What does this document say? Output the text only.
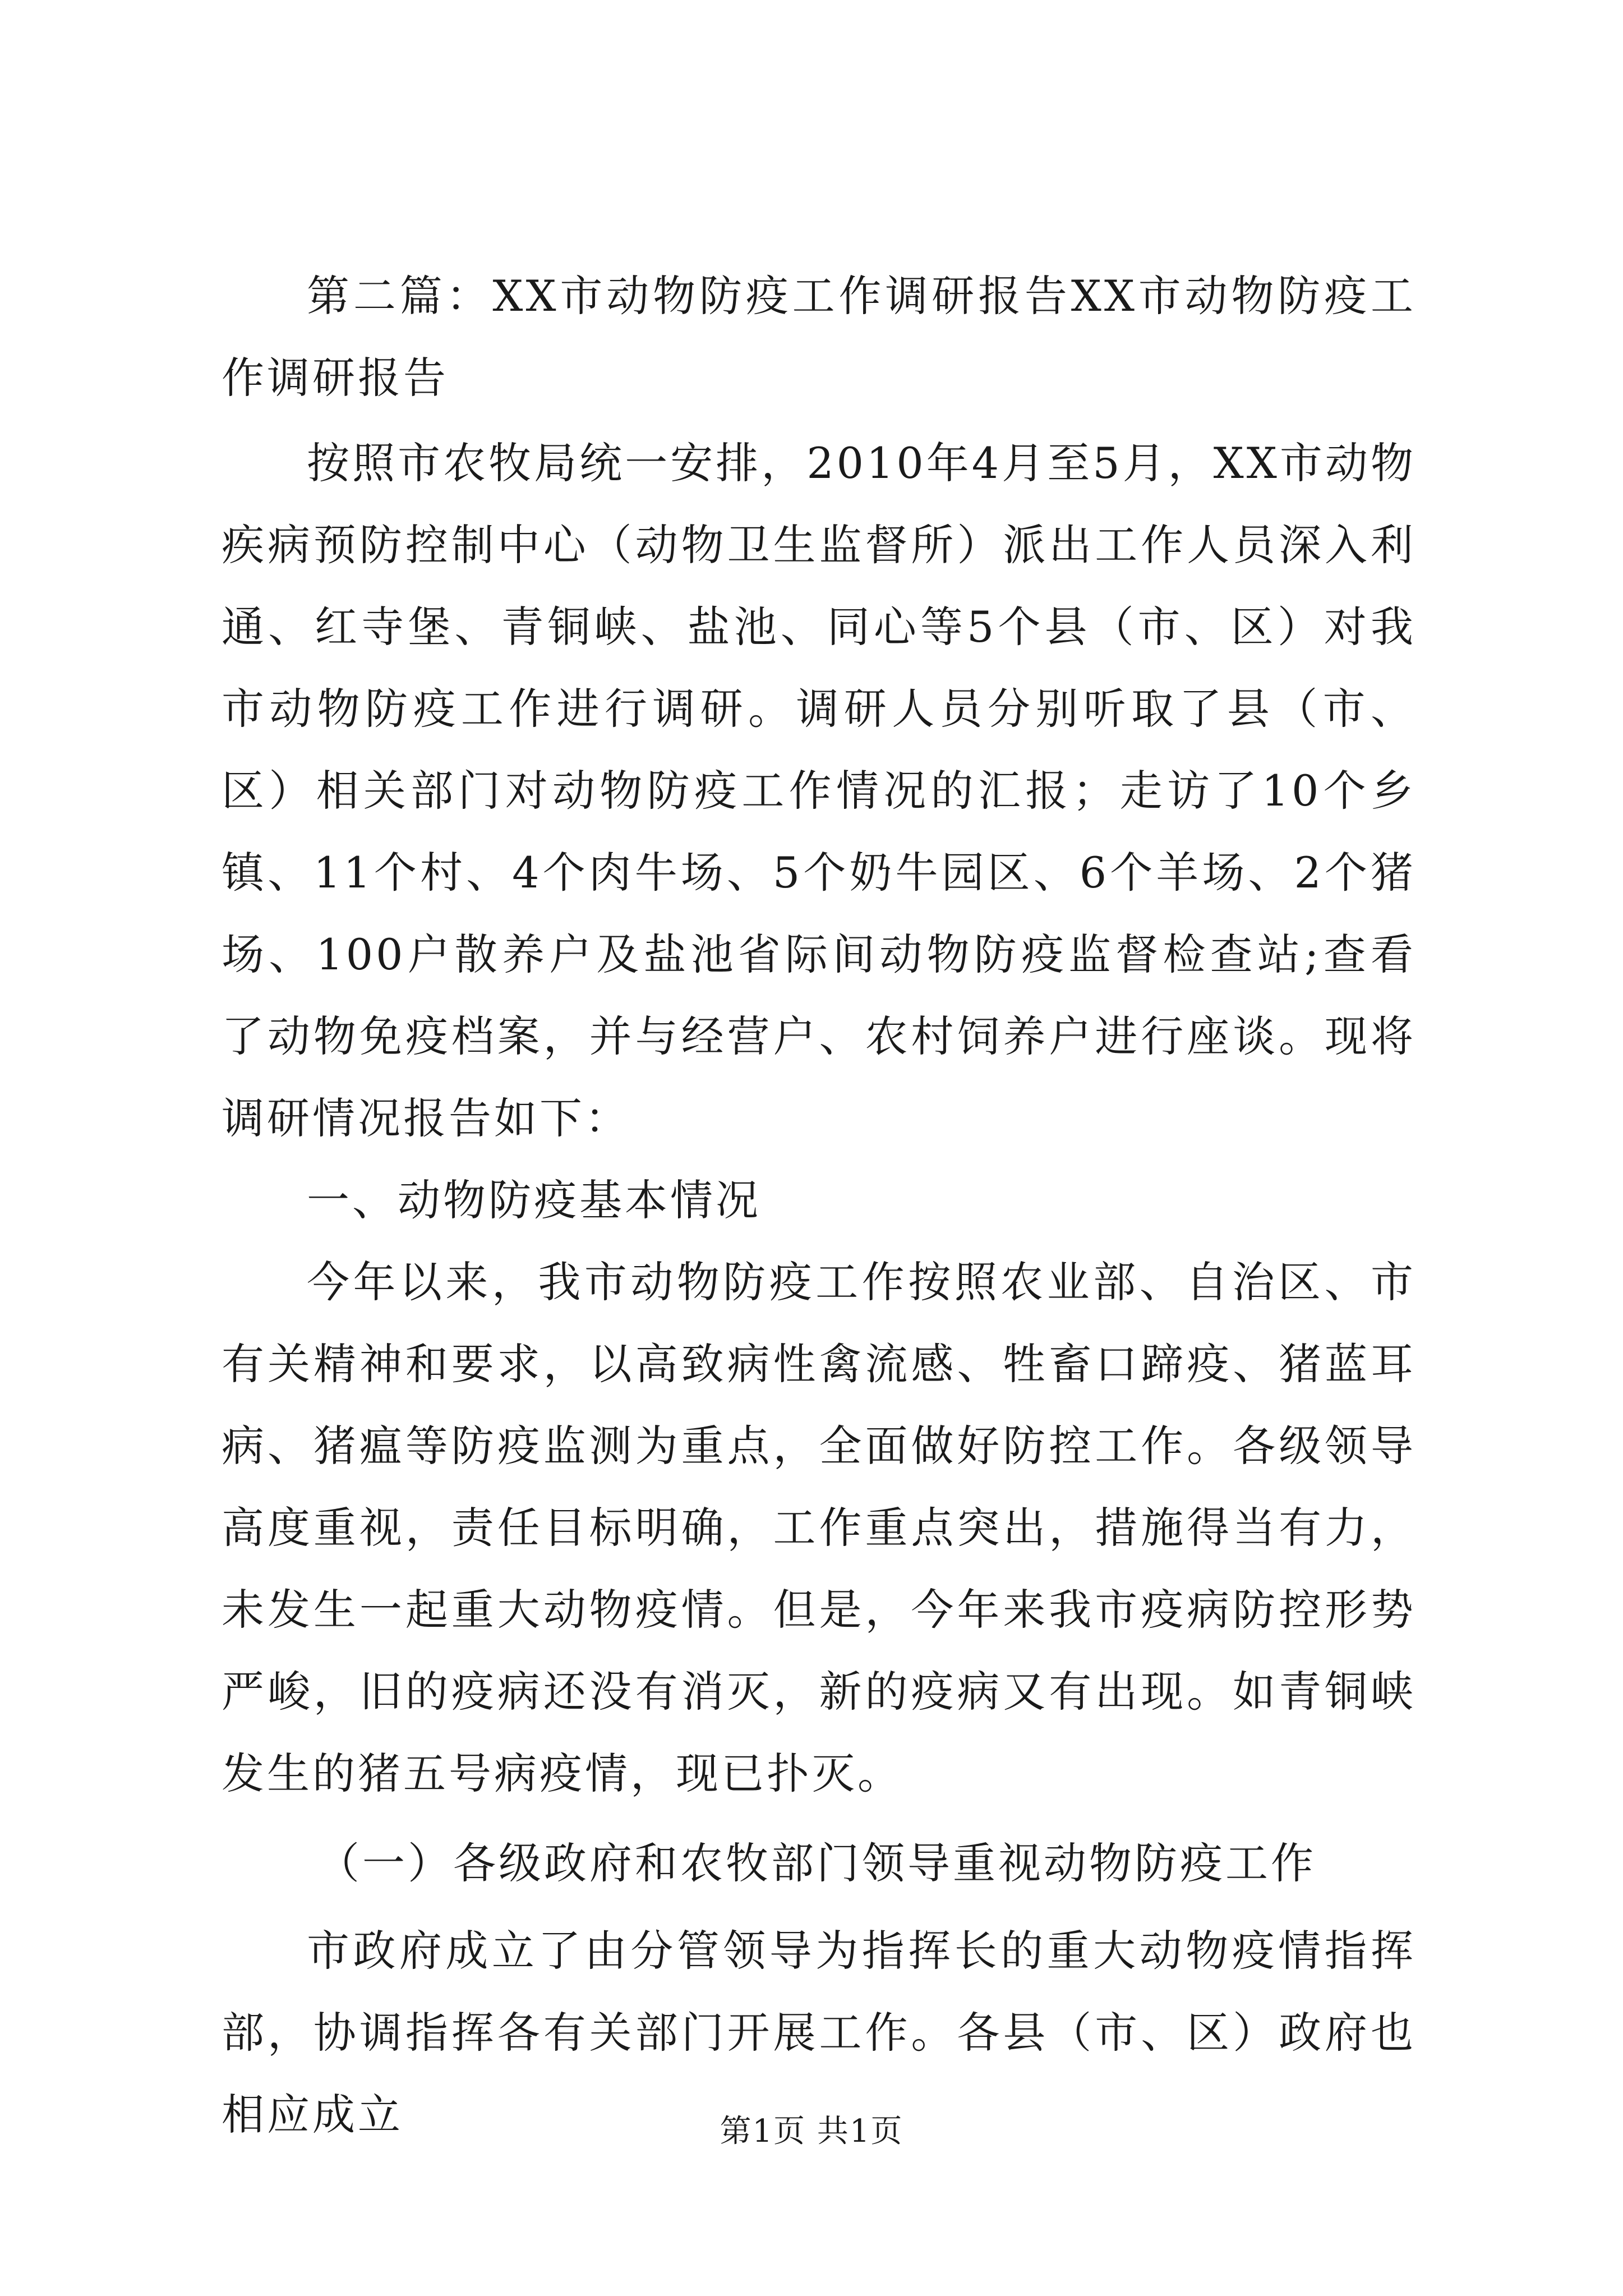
第二篇：XX市动物防疫工作调研报告XX市动物防疫工作调研报告

按照市农牧局统一安排，2010年4月至5月，XX市动物疾病预防控制中心（动物卫生监督所）派出工作人员深入利通、红寺堡、青铜峡、盐池、同心等5个县（市、区）对我市动物防疫工作进行调研。调研人员分别听取了县（市、区）相关部门对动物防疫工作情况的汇报；走访了10个乡镇、11个村、4个肉牛场、5个奶牛园区、6个羊场、2个猪场、100户散养户及盐池省际间动物防疫监督检查站;查看了动物免疫档案，并与经营户、农村饲养户进行座谈。现将调研情况报告如下：

一、动物防疫基本情况

今年以来，我市动物防疫工作按照农业部、自治区、市有关精神和要求，以高致病性禽流感、牲畜口蹄疫、猪蓝耳病、猪瘟等防疫监测为重点，全面做好防控工作。各级领导高度重视，责任目标明确，工作重点突出，措施得当有力，未发生一起重大动物疫情。但是，今年来我市疫病防控形势严峻，旧的疫病还没有消灭，新的疫病又有出现。如青铜峡发生的猪五号病疫情，现已扑灭。

（一）各级政府和农牧部门领导重视动物防疫工作

市政府成立了由分管领导为指挥长的重大动物疫情指挥部，协调指挥各有关部门开展工作。各县（市、区）政府也相应成立	第1页 共1页
